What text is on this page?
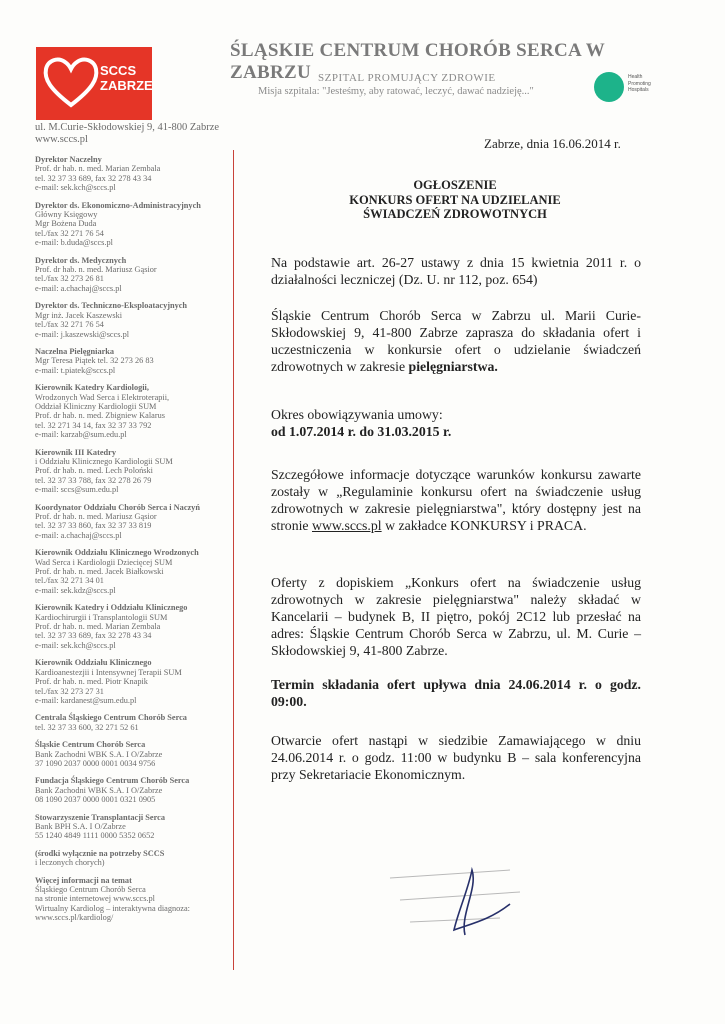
SCCS
ZABRZE
ŚLĄSKIE CENTRUM CHORÓB SERCA W ZABRZU SZPITAL PROMUJĄCY ZDROWIE
Misja szpitala: "Jesteśmy, aby ratować, leczyć, dawać nadzieję..."
Health
Promoting
Hospitals
ul. M.Curie-Skłodowskiej 9, 41-800 Zabrze
www.sccs.pl
Dyrektor Naczelny
Prof. dr hab. n. med. Marian Zembala
tel. 32 37 33 689, fax 32 278 43 34
e-mail: sek.kch@sccs.pl
Dyrektor ds. Ekonomiczno-Administracyjnych
Główny Księgowy
Mgr Bożena Duda
tel./fax 32 271 76 54
e-mail: b.duda@sccs.pl
Dyrektor ds. Medycznych
Prof. dr hab. n. med. Mariusz Gąsior
tel./fax 32 273 26 81
e-mail: a.chachaj@sccs.pl
Dyrektor ds. Techniczno-Eksploatacyjnych
Mgr inż. Jacek Kaszewski
tel./fax 32 271 76 54
e-mail: j.kaszewski@sccs.pl
Naczelna Pielęgniarka
Mgr Teresa Piątek tel. 32 273 26 83
e-mail: t.piatek@sccs.pl
Kierownik Katedry Kardiologii,
Wrodzonych Wad Serca i Elektroterapii,
Oddział Kliniczny Kardiologii SUM
Prof. dr hab. n. med. Zbigniew Kalarus
tel. 32 271 34 14, fax 32 37 33 792
e-mail: karzab@sum.edu.pl
Kierownik III Katedry
i Oddziału Klinicznego Kardiologii SUM
Prof. dr hab. n. med. Lech Poloński
tel. 32 37 33 788, fax 32 278 26 79
e-mail: sccs@sum.edu.pl
Koordynator Oddziału Chorób Serca i Naczyń
Prof. dr hab. n. med. Mariusz Gąsior
tel. 32 37 33 860, fax 32 37 33 819
e-mail: a.chachaj@sccs.pl
Kierownik Oddziału Klinicznego Wrodzonych
Wad Serca i Kardiologii Dziecięcej SUM
Prof. dr hab. n. med. Jacek Białkowski
tel./fax 32 271 34 01
e-mail: sek.kdz@sccs.pl
Kierownik Katedry i Oddziału Klinicznego
Kardiochirurgii i Transplantologii SUM
Prof. dr hab. n. med. Marian Zembala
tel. 32 37 33 689, fax 32 278 43 34
e-mail: sek.kch@sccs.pl
Kierownik Oddziału Klinicznego
Kardioanestezjii i Intensywnej Terapii SUM
Prof. dr hab. n. med. Piotr Knapik
tel./fax 32 273 27 31
e-mail: kardanest@sum.edu.pl
Centrala Śląskiego Centrum Chorób Serca
tel. 32 37 33 600, 32 271 52 61
Śląskie Centrum Chorób Serca
Bank Zachodni WBK S.A. I O/Zabrze
37 1090 2037 0000 0001 0034 9756
Fundacja Śląskiego Centrum Chorób Serca
Bank Zachodni WBK S.A. I O/Zabrze
08 1090 2037 0000 0001 0321 0905
Stowarzyszenie Transplantacji Serca
Bank BPH S.A. I O/Zabrze
55 1240 4849 1111 0000 5352 0652
(środki wyłącznie na potrzeby SCCS
i leczonych chorych)
Więcej informacji na temat
Śląskiego Centrum Chorób Serca
na stronie internetowej www.sccs.pl
Wirtualny Kardiolog – interaktywna diagnoza:
www.sccs.pl/kardiolog/
Zabrze, dnia 16.06.2014 r.
OGŁOSZENIE
KONKURS OFERT NA UDZIELANIE
ŚWIADCZEŃ ZDROWOTNYCH
Na podstawie art. 26-27 ustawy z dnia 15 kwietnia 2011 r. o działalności leczniczej (Dz. U. nr 112, poz. 654)
Śląskie Centrum Chorób Serca w Zabrzu ul. Marii Curie-Skłodowskiej 9, 41-800 Zabrze zaprasza do składania ofert i uczestniczenia w konkursie ofert o udzielanie świadczeń zdrowotnych w zakresie pielęgniarstwa.
Okres obowiązywania umowy:
od 1.07.2014 r. do 31.03.2015 r.
Szczegółowe informacje dotyczące warunków konkursu zawarte zostały w „Regulaminie konkursu ofert na świadczenie usług zdrowotnych w zakresie pielęgniarstwa", który dostępny jest na stronie www.sccs.pl w zakładce KONKURSY i PRACA.
Oferty z dopiskiem „Konkurs ofert na świadczenie usług zdrowotnych w zakresie pielęgniarstwa" należy składać w Kancelarii – budynek B, II piętro, pokój 2C12 lub przesłać na adres: Śląskie Centrum Chorób Serca w Zabrzu, ul. M. Curie – Skłodowskiej 9, 41-800 Zabrze.
Termin składania ofert upływa dnia 24.06.2014 r. o godz. 09:00.
Otwarcie ofert nastąpi w siedzibie Zamawiającego w dniu 24.06.2014 r. o godz. 11:00 w budynku B – sala konferencyjna przy Sekretariacie Ekonomicznym.
